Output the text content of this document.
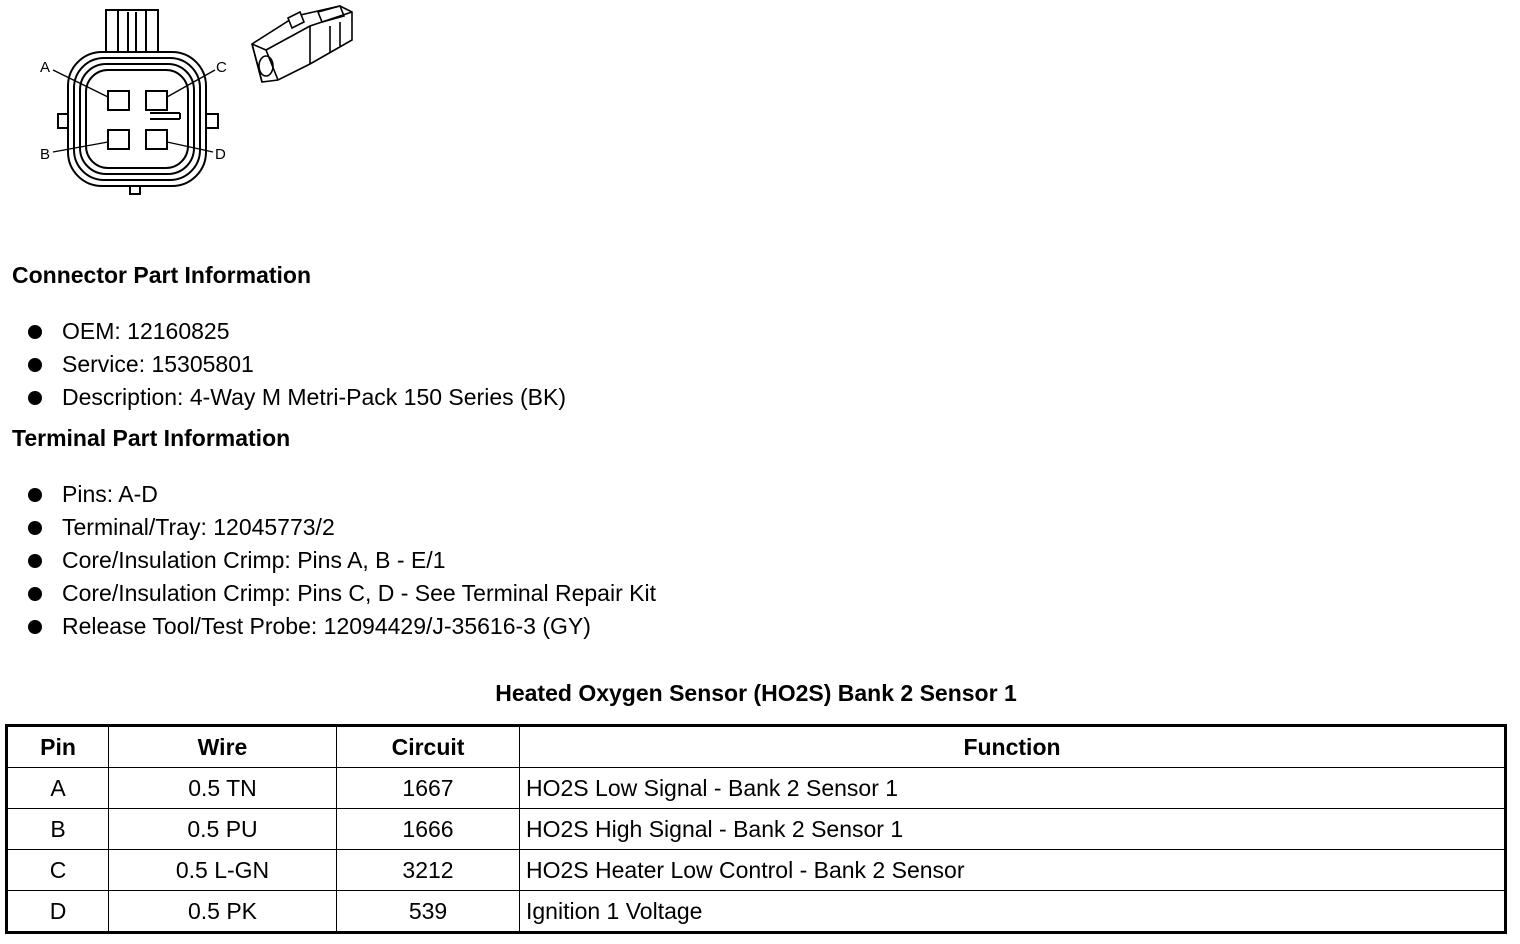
A	C
B	D
Connector Part Information
OEM: 12160825
Service: 15305801
Description: 4-Way M Metri-Pack 150 Series (BK)
Terminal Part Information
Pins: A-D
Terminal/Tray: 12045773/2
Core/Insulation Crimp: Pins A, B - E/1
Core/Insulation Crimp: Pins C, D - See Terminal Repair Kit
Release Tool/Test Probe: 12094429/J-35616-3 (GY)
Heated Oxygen Sensor (HO2S) Bank 2 Sensor 1
Pin	Wire	Circuit	Function
A	0.5 TN	1667	HO2S Low Signal - Bank 2 Sensor 1
B	0.5 PU	1666	HO2S High Signal - Bank 2 Sensor 1
C	0.5 L-GN	3212	HO2S Heater Low Control - Bank 2 Sensor
D	0.5 PK	539	Ignition 1 Voltage
